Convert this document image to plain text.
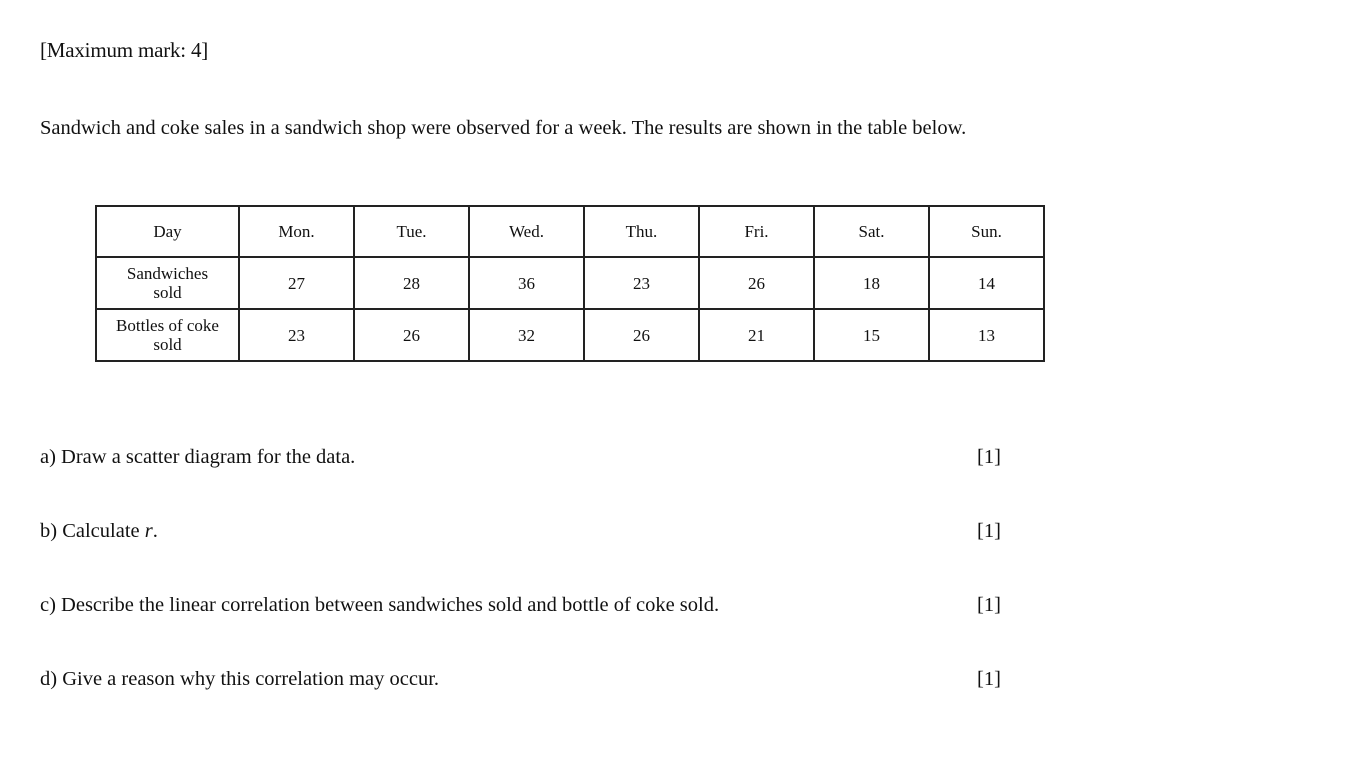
[Maximum mark: 4]
Sandwich and coke sales in a sandwich shop were observed for a week. The results are shown in the table below.
Day	Mon.	Tue.	Wed.	Thu.	Fri.	Sat.	Sun.
Sandwiches
sold	27	28	36	23	26	18	14
Bottles of coke
sold	23	26	32	26	21	15	13
a) Draw a scatter diagram for the data.	[1]
b) Calculate r.	[1]
c) Describe the linear correlation between sandwiches sold and bottle of coke sold.	[1]
d) Give a reason why this correlation may occur.	[1]
